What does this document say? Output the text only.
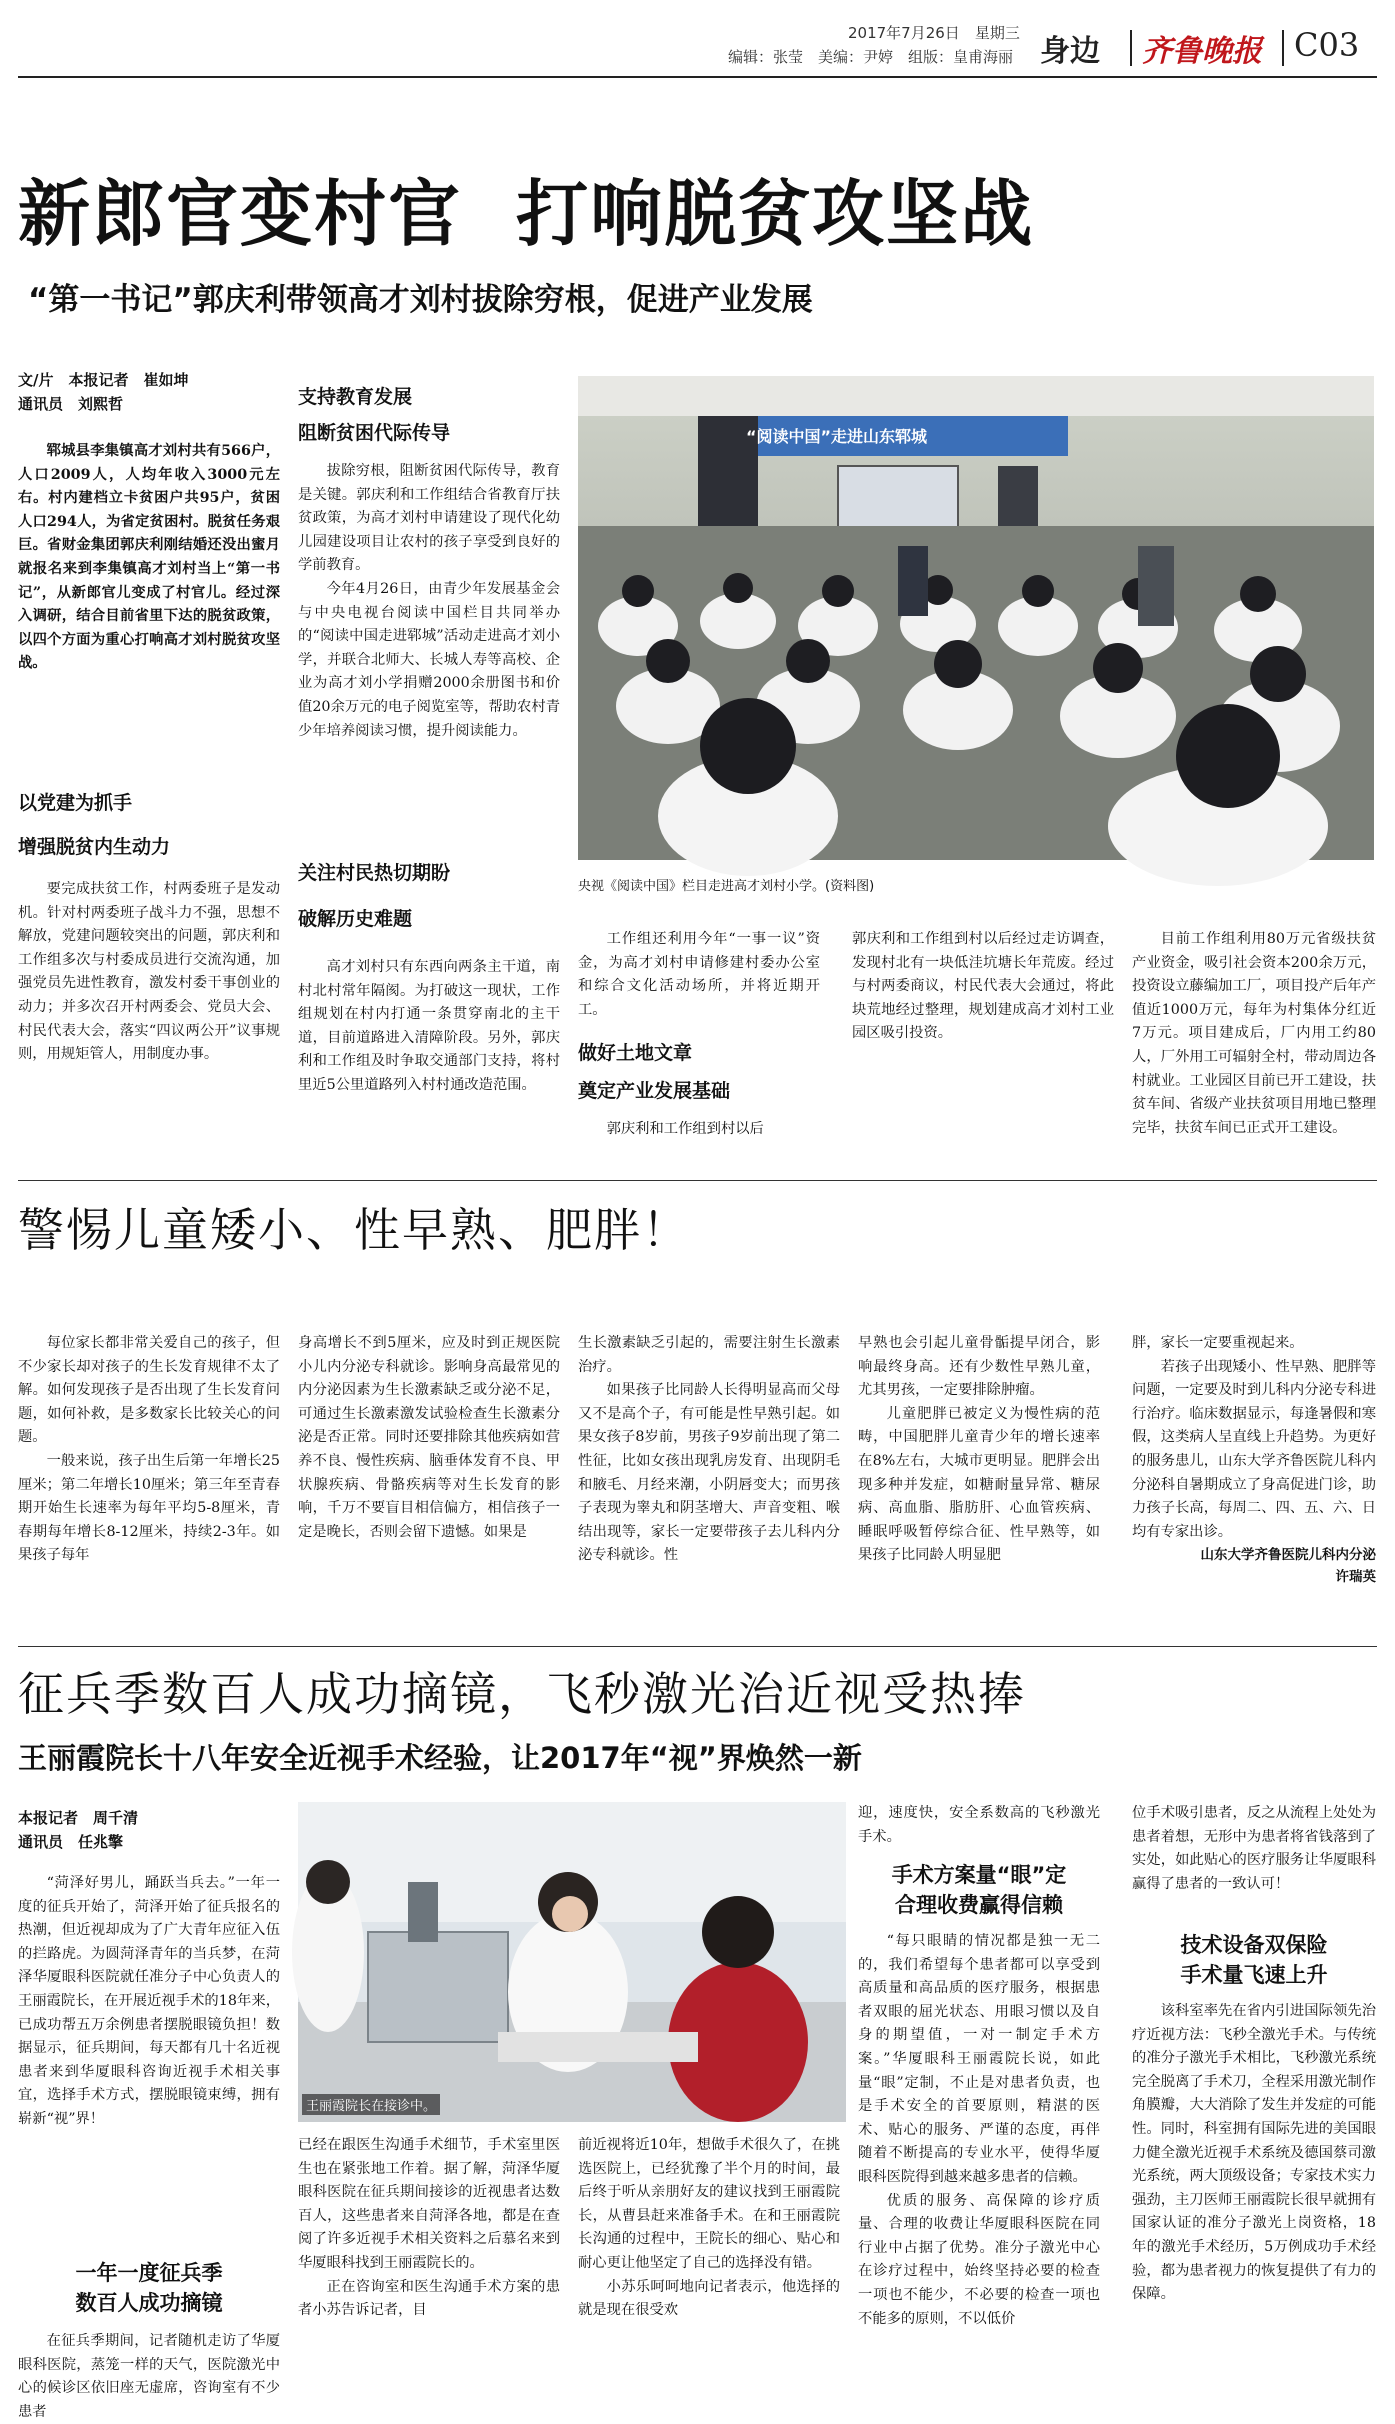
2017年7月26日　 星期三
编辑：张莹　美编：尹婷　组版：皇甫海丽 身边 齐鲁晚报 C03
新郎官变村官  打响脱贫攻坚战
“第一书记”郭庆利带领高才刘村拔除穷根，促进产业发展
文/片　本报记者　崔如坤
通讯员　刘熙哲

郓城县李集镇高才刘村共有566户，人口2009人，人均年收入3000元左右。村内建档立卡贫困户共95户，贫困人口294人，为省定贫困村。脱贫任务艰巨。省财金集团郭庆利刚结婚还没出蜜月就报名来到李集镇高才刘村当上“第一书记”，从新郎官儿变成了村官儿。经过深入调研，结合目前省里下达的脱贫政策，以四个方面为重心打响高才刘村脱贫攻坚战。

以党建为抓手
增强脱贫内生动力

要完成扶贫工作，村两委班子是发动机。针对村两委班子战斗力不强，思想不解放，党建问题较突出的问题，郭庆利和工作组多次与村委成员进行交流沟通，加强党员先进性教育，激发村委干事创业的动力；并多次召开村两委会、党员大会、村民代表大会，落实“四议两公开”议事规则，用规矩管人，用制度办事。

支持教育发展
阻断贫困代际传导

拔除穷根，阻断贫困代际传导，教育是关键。郭庆利和工作组结合省教育厅扶贫政策，为高才刘村申请建设了现代化幼儿园建设项目让农村的孩子享受到良好的学前教育。

今年4月26日，由青少年发展基金会与中央电视台阅读中国栏目共同举办的“阅读中国走进郓城”活动走进高才刘小学，并联合北师大、长城人寿等高校、企业为高才刘小学捐赠2000余册图书和价值20余万元的电子阅览室等，帮助农村青少年培养阅读习惯，提升阅读能力。

关注村民热切期盼
破解历史难题

高才刘村只有东西向两条主干道，南村北村常年隔阂。为打破这一现状，工作组规划在村内打通一条贯穿南北的主干道，目前道路进入清障阶段。另外，郭庆利和工作组及时争取交通部门支持，将村里近5公里道路列入村村通改造范围。

“阅读中国”走进山东郓城
央视《阅读中国》栏目走进高才刘村小学。(资料图)

工作组还利用今年“一事一议”资金，为高才刘村申请修建村委办公室和综合文化活动场所，并将近期开工。

做好土地文章
奠定产业发展基础

郭庆利和工作组到村以后

郭庆利和工作组到村以后经过走访调查，发现村北有一块低洼坑塘长年荒废。经过与村两委商议，村民代表大会通过，将此块荒地经过整理，规划建成高才刘村工业园区吸引投资。

目前工作组利用80万元省级扶贫产业资金，吸引社会资本200余万元，投资设立藤编加工厂，项目投产后年产值近1000万元，每年为村集体分红近7万元。项目建成后，厂内用工约80人，厂外用工可辐射全村，带动周边各村就业。工业园区目前已开工建设，扶贫车间、省级产业扶贫项目用地已整理完毕，扶贫车间已正式开工建设。

警惕儿童矮小、性早熟、肥胖！

每位家长都非常关爱自己的孩子，但不少家长却对孩子的生长发育规律不太了解。如何发现孩子是否出现了生长发育问题，如何补救，是多数家长比较关心的问题。

一般来说，孩子出生后第一年增长25厘米；第二年增长10厘米；第三年至青春期开始生长速率为每年平均5-8厘米，青春期每年增长8-12厘米，持续2-3年。如果孩子每年

身高增长不到5厘米，应及时到正规医院小儿内分泌专科就诊。影响身高最常见的内分泌因素为生长激素缺乏或分泌不足，可通过生长激素激发试验检查生长激素分泌是否正常。同时还要排除其他疾病如营养不良、慢性疾病、脑垂体发育不良、甲状腺疾病、骨骼疾病等对生长发育的影响，千万不要盲目相信偏方，相信孩子一定是晚长，否则会留下遗憾。如果是

生长激素缺乏引起的，需要注射生长激素治疗。

如果孩子比同龄人长得明显高而父母又不是高个子，有可能是性早熟引起。如果女孩子8岁前，男孩子9岁前出现了第二性征，比如女孩出现乳房发育、出现阴毛和腋毛、月经来潮，小阴唇变大；而男孩子表现为睾丸和阴茎增大、声音变粗、喉结出现等，家长一定要带孩子去儿科内分泌专科就诊。性

早熟也会引起儿童骨骺提早闭合，影响最终身高。还有少数性早熟儿童，尤其男孩，一定要排除肿瘤。

儿童肥胖已被定义为慢性病的范畴，中国肥胖儿童青少年的增长速率在8%左右，大城市更明显。肥胖会出现多种并发症，如糖耐量异常、糖尿病、高血脂、脂肪肝、心血管疾病、睡眠呼吸暂停综合征、性早熟等，如果孩子比同龄人明显肥

胖，家长一定要重视起来。

若孩子出现矮小、性早熟、肥胖等问题，一定要及时到儿科内分泌专科进行治疗。临床数据显示，每逢暑假和寒假，这类病人呈直线上升趋势。为更好的服务患儿，山东大学齐鲁医院儿科内分泌科自暑期成立了身高促进门诊，助力孩子长高，每周二、四、五、六、日均有专家出诊。

山东大学齐鲁医院儿科内分泌
许瑞英
征兵季数百人成功摘镜，飞秒激光治近视受热捧
王丽霞院长十八年安全近视手术经验，让2017年“视”界焕然一新
本报记者　周千清
通讯员　任兆擎

“菏泽好男儿，踊跃当兵去。”一年一度的征兵开始了，菏泽开始了征兵报名的热潮，但近视却成为了广大青年应征入伍的拦路虎。为圆菏泽青年的当兵梦，在菏泽华厦眼科医院就任准分子中心负责人的王丽霞院长，在开展近视手术的18年来，已成功帮五万余例患者摆脱眼镜负担！数据显示，征兵期间，每天都有几十名近视患者来到华厦眼科咨询近视手术相关事宜，选择手术方式，摆脱眼镜束缚，拥有崭新“视”界！

一年一度征兵季
数百人成功摘镜

在征兵季期间，记者随机走访了华厦眼科医院，蒸笼一样的天气，医院激光中心的候诊区依旧座无虚席，咨询室有不少患者

王丽霞院长在接诊中。

已经在跟医生沟通手术细节，手术室里医生也在紧张地工作着。据了解，菏泽华厦眼科医院在征兵期间接诊的近视患者达数百人，这些患者来自菏泽各地，都是在查阅了许多近视手术相关资料之后慕名来到华厦眼科找到王丽霞院长的。

正在咨询室和医生沟通手术方案的患者小苏告诉记者，目

前近视将近10年，想做手术很久了，在挑选医院上，已经犹豫了半个月的时间，最后终于听从亲朋好友的建议找到王丽霞院长，从曹县赶来准备手术。在和王丽霞院长沟通的过程中，王院长的细心、贴心和耐心更让他坚定了自己的选择没有错。

小苏乐呵呵地向记者表示，他选择的就是现在很受欢

迎，速度快，安全系数高的飞秒激光手术。

手术方案量“眼”定
合理收费赢得信赖

“每只眼睛的情况都是独一无二的，我们希望每个患者都可以享受到高质量和高品质的医疗服务，根据患者双眼的屈光状态、用眼习惯以及自身的期望值，一对一制定手术方案。”华厦眼科王丽霞院长说，如此量“眼”定制，不止是对患者负责，也是手术安全的首要原则，精湛的医术、贴心的服务、严谨的态度，再伴随着不断提高的专业水平，使得华厦眼科医院得到越来越多患者的信赖。

优质的服务、高保障的诊疗质量、合理的收费让华厦眼科医院在同行业中占据了优势。准分子激光中心在诊疗过程中，始终坚持必要的检查一项也不能少，不必要的检查一项也不能多的原则，不以低价

位手术吸引患者，反之从流程上处处为患者着想，无形中为患者将省钱落到了实处，如此贴心的医疗服务让华厦眼科赢得了患者的一致认可！

技术设备双保险
手术量飞速上升

该科室率先在省内引进国际领先治疗近视方法：飞秒全激光手术。与传统的准分子激光手术相比，飞秒激光系统完全脱离了手术刀，全程采用激光制作角膜瓣，大大消除了发生并发症的可能性。同时，科室拥有国际先进的美国眼力健全激光近视手术系统及德国蔡司激光系统，两大顶级设备；专家技术实力强劲，主刀医师王丽霞院长很早就拥有国家认证的准分子激光上岗资格，18年的激光手术经历，5万例成功手术经验，都为患者视力的恢复提供了有力的保障。
